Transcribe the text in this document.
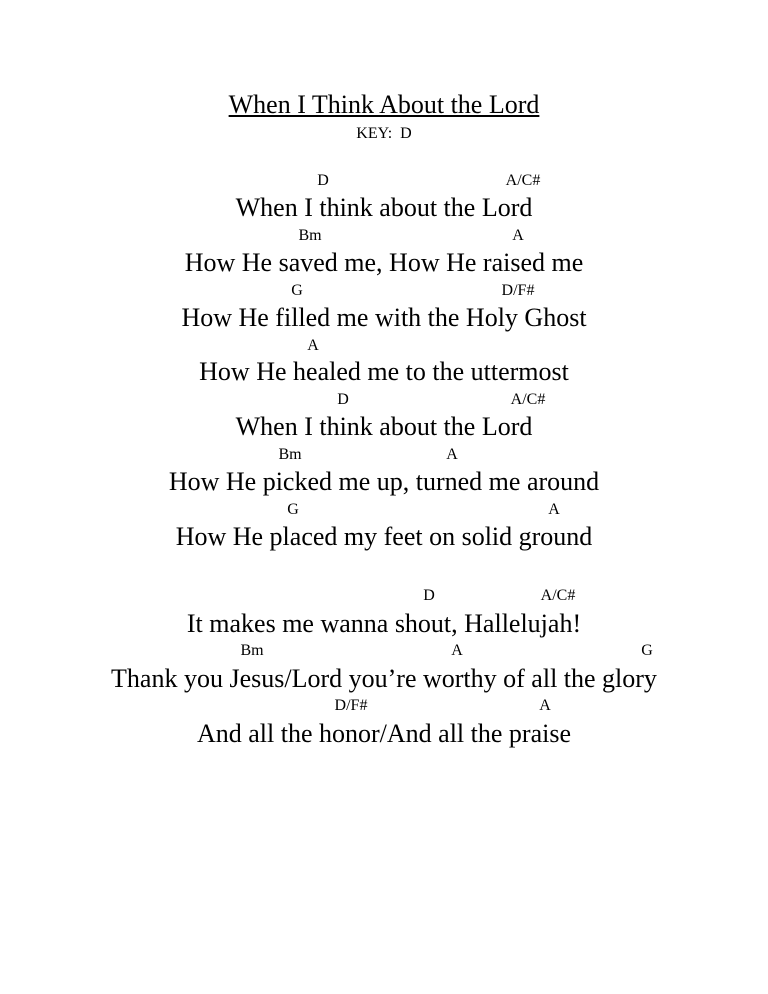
When I Think About the Lord
KEY:  D
D	A/C#
When I think about the Lord
Bm	A
How He saved me, How He raised me
G	D/F#
How He filled me with the Holy Ghost
A
How He healed me to the uttermost
D	A/C#
When I think about the Lord
Bm	A
How He picked me up, turned me around
G	A
How He placed my feet on solid ground
D	A/C#
It makes me wanna shout, Hallelujah!
Bm	A	G
Thank you Jesus/Lord you’re worthy of all the glory
D/F#	A
And all the honor/And all the praise
